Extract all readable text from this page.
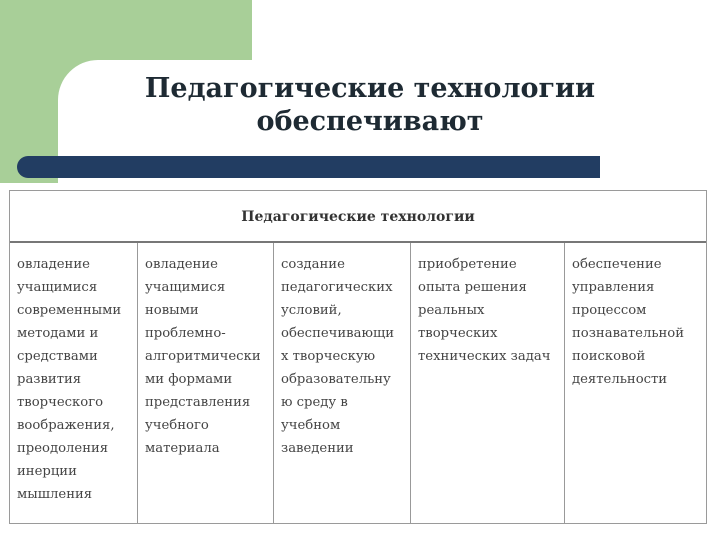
Педагогические технологии
обеспечивают
Педагогические технологии
овладение
учащимися
современными
методами и
средствами
развития
творческого
воображения,
преодоления
инерции
мышления
овладение
учащимися
новыми
проблемно-
алгоритмически
ми формами
представления
учебного
материала
создание
педагогических
условий,
обеспечивающи
х творческую
образовательну
ю среду в
учебном
заведении
приобретение
опыта решения
реальных
творческих
технических задач
обеспечение
управления
процессом
познавательной
поисковой
деятельности
